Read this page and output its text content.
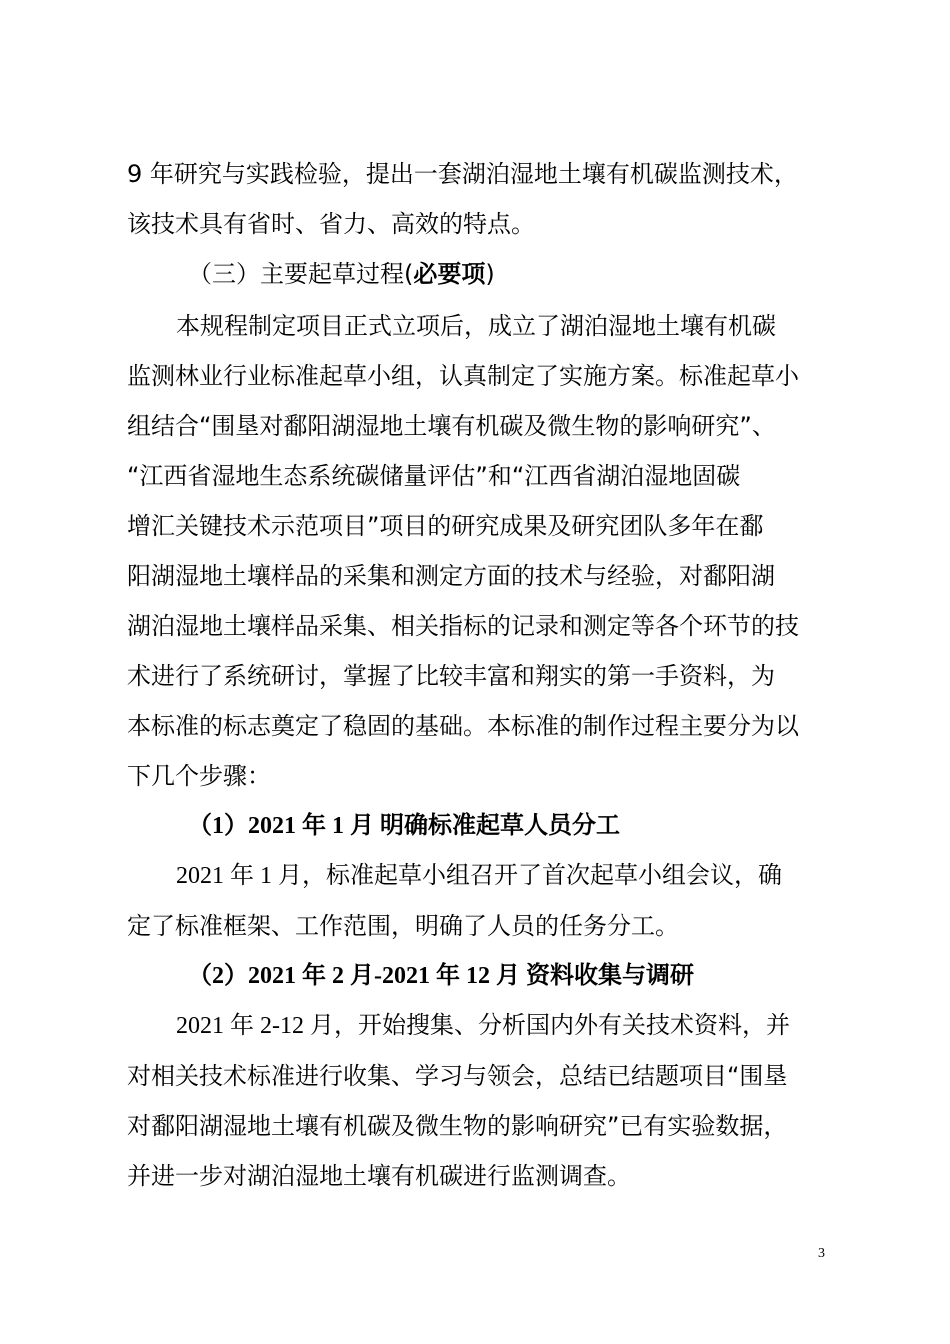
9 年研究与实践检验，提出一套湖泊湿地土壤有机碳监测技术，
该技术具有省时、省力、高效的特点。
（三）主要起草过程(必要项)
本规程制定项目正式立项后，成立了湖泊湿地土壤有机碳
监测林业行业标准起草小组，认真制定了实施方案。标准起草小
组结合“围垦对鄱阳湖湿地土壤有机碳及微生物的影响研究”、
“江西省湿地生态系统碳储量评估”和“江西省湖泊湿地固碳
增汇关键技术示范项目”项目的研究成果及研究团队多年在鄱
阳湖湿地土壤样品的采集和测定方面的技术与经验，对鄱阳湖
湖泊湿地土壤样品采集、相关指标的记录和测定等各个环节的技
术进行了系统研讨，掌握了比较丰富和翔实的第一手资料，为
本标准的标志奠定了稳固的基础。本标准的制作过程主要分为以
下几个步骤：
（1）2021 年 1 月 明确标准起草人员分工
2021 年 1 月，标准起草小组召开了首次起草小组会议，确
定了标准框架、工作范围，明确了人员的任务分工。
（2）2021 年 2 月-2021 年 12 月 资料收集与调研
2021 年 2-12 月，开始搜集、分析国内外有关技术资料，并
对相关技术标准进行收集、学习与领会，总结已结题项目“围垦
对鄱阳湖湿地土壤有机碳及微生物的影响研究”已有实验数据，
并进一步对湖泊湿地土壤有机碳进行监测调查。
3
